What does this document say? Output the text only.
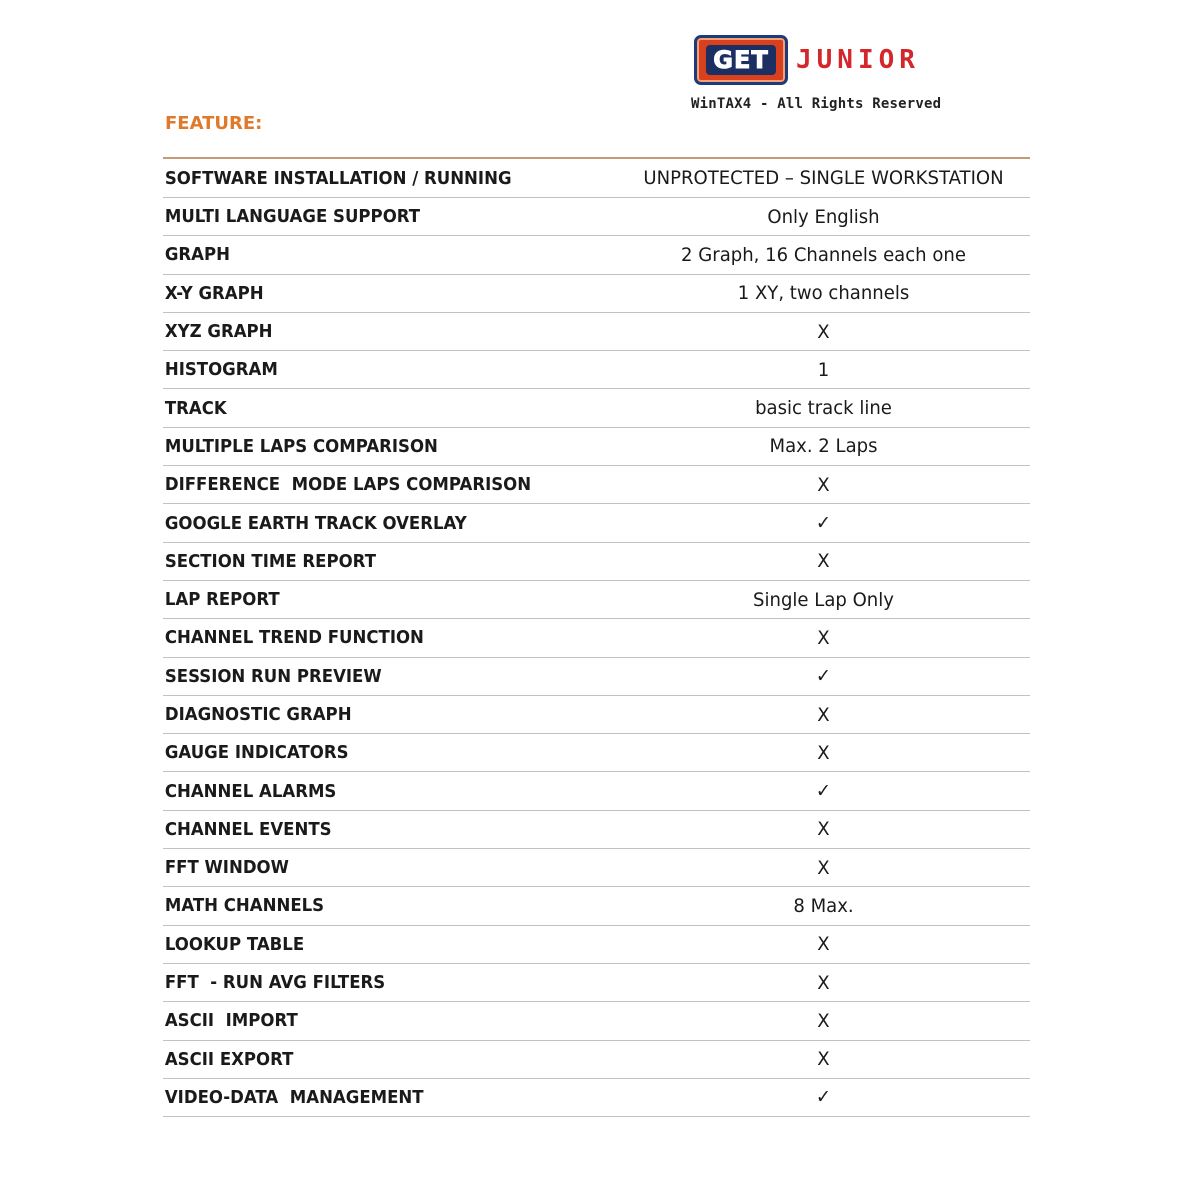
GET JUNIOR
WinTAX4 - All Rights Reserved
FEATURE:
SOFTWARE INSTALLATION / RUNNING	UNPROTECTED – SINGLE WORKSTATION
MULTI LANGUAGE SUPPORT	Only English
GRAPH	2 Graph, 16 Channels each one
X-Y GRAPH	1 XY, two channels
XYZ GRAPH	X
HISTOGRAM	1
TRACK	basic track line
MULTIPLE LAPS COMPARISON	Max. 2 Laps
DIFFERENCE  MODE LAPS COMPARISON	X
GOOGLE EARTH TRACK OVERLAY	✓
SECTION TIME REPORT	X
LAP REPORT	Single Lap Only
CHANNEL TREND FUNCTION	X
SESSION RUN PREVIEW	✓
DIAGNOSTIC GRAPH	X
GAUGE INDICATORS	X
CHANNEL ALARMS	✓
CHANNEL EVENTS	X
FFT WINDOW	X
MATH CHANNELS	8 Max.
LOOKUP TABLE	X
FFT  - RUN AVG FILTERS	X
ASCII  IMPORT	X
ASCII EXPORT	X
VIDEO-DATA  MANAGEMENT	✓
